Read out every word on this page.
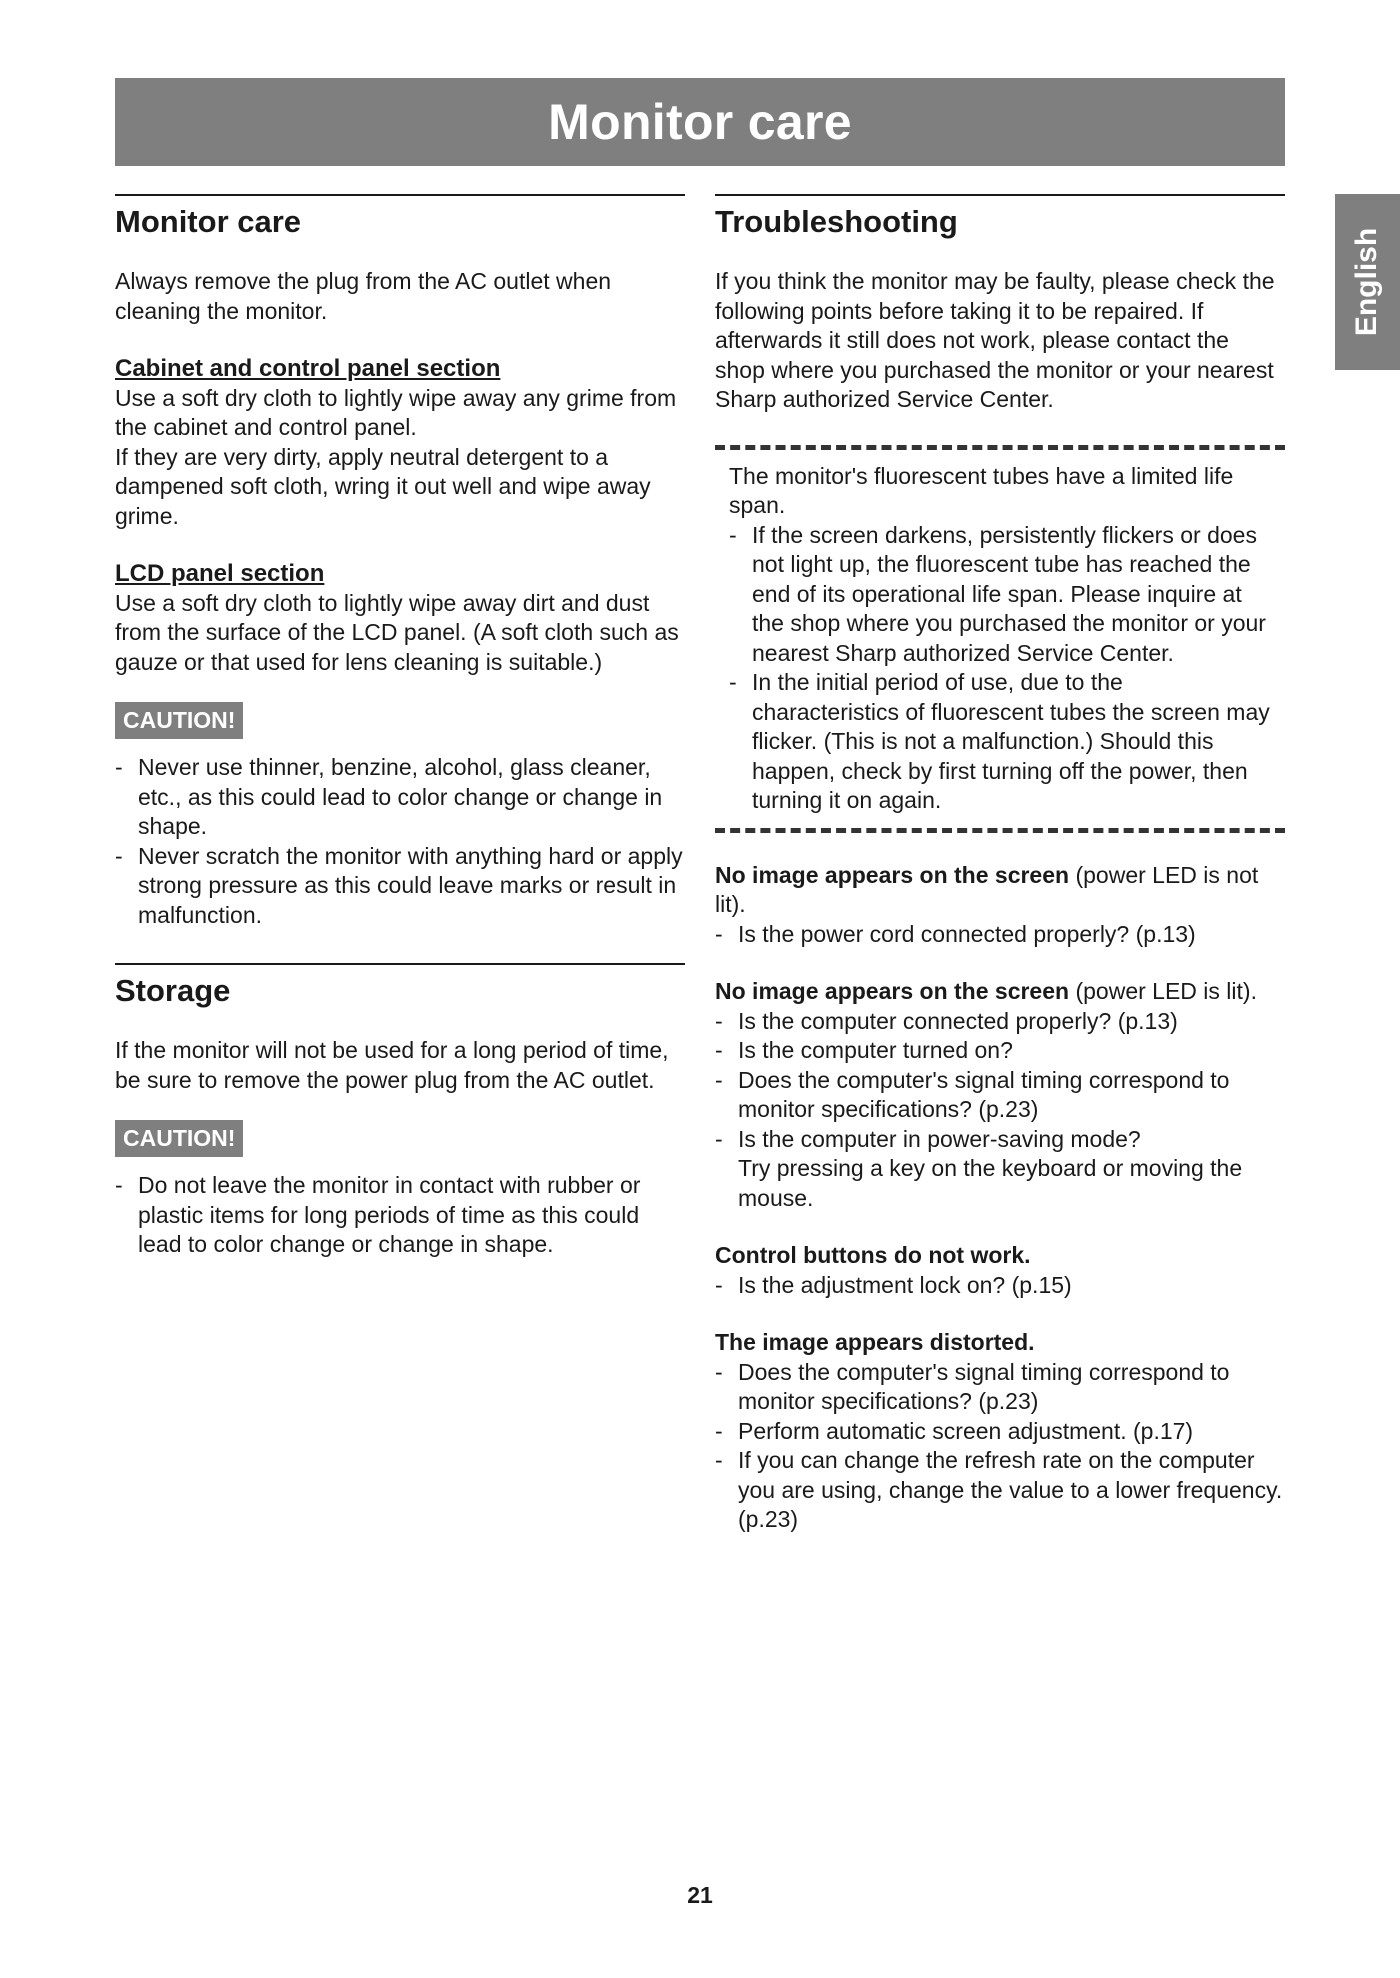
Monitor care
English
Monitor care

Always remove the plug from the AC outlet when cleaning the monitor.

Cabinet and control panel section

Use a soft dry cloth to lightly wipe away any grime from the cabinet and control panel.

If they are very dirty, apply neutral detergent to a dampened soft cloth, wring it out well and wipe away grime.

LCD panel section

Use a soft dry cloth to lightly wipe away dirt and dust from the surface of the LCD panel. (A soft cloth such as gauze or that used for lens cleaning is suitable.)

CAUTION!
- Never use thinner, benzine, alcohol, glass cleaner, etc., as this could lead to color change or change in shape.
- Never scratch the monitor with anything hard or apply strong pressure as this could leave marks or result in malfunction.
Storage

If the monitor will not be used for a long period of time, be sure to remove the power plug from the AC outlet.

CAUTION!
- Do not leave the monitor in contact with rubber or plastic items for long periods of time as this could lead to color change or change in shape.
Troubleshooting

If you think the monitor may be faulty, please check the following points before taking it to be repaired. If afterwards it still does not work, please contact the shop where you purchased the monitor or your nearest Sharp authorized Service Center.

The monitor's fluorescent tubes have a limited life span.

- If the screen darkens, persistently flickers or does not light up, the fluorescent tube has reached the end of its operational life span. Please inquire at the shop where you purchased the monitor or your nearest Sharp authorized Service Center.
- In the initial period of use, due to the characteristics of fluorescent tubes the screen may flicker. (This is not a malfunction.) Should this happen, check by first turning off the power, then turning it on again.
No image appears on the screen (power LED is not lit).
- Is the power cord connected properly? (p.13)
No image appears on the screen (power LED is lit).
- Is the computer connected properly? (p.13)
- Is the computer turned on?
- Does the computer's signal timing correspond to monitor specifications? (p.23)
- Is the computer in power-saving mode?
Try pressing a key on the keyboard or moving the mouse.
Control buttons do not work.
- Is the adjustment lock on? (p.15)
The image appears distorted.
- Does the computer's signal timing correspond to monitor specifications? (p.23)
- Perform automatic screen adjustment. (p.17)
- If you can change the refresh rate on the computer you are using, change the value to a lower frequency. (p.23)
21
